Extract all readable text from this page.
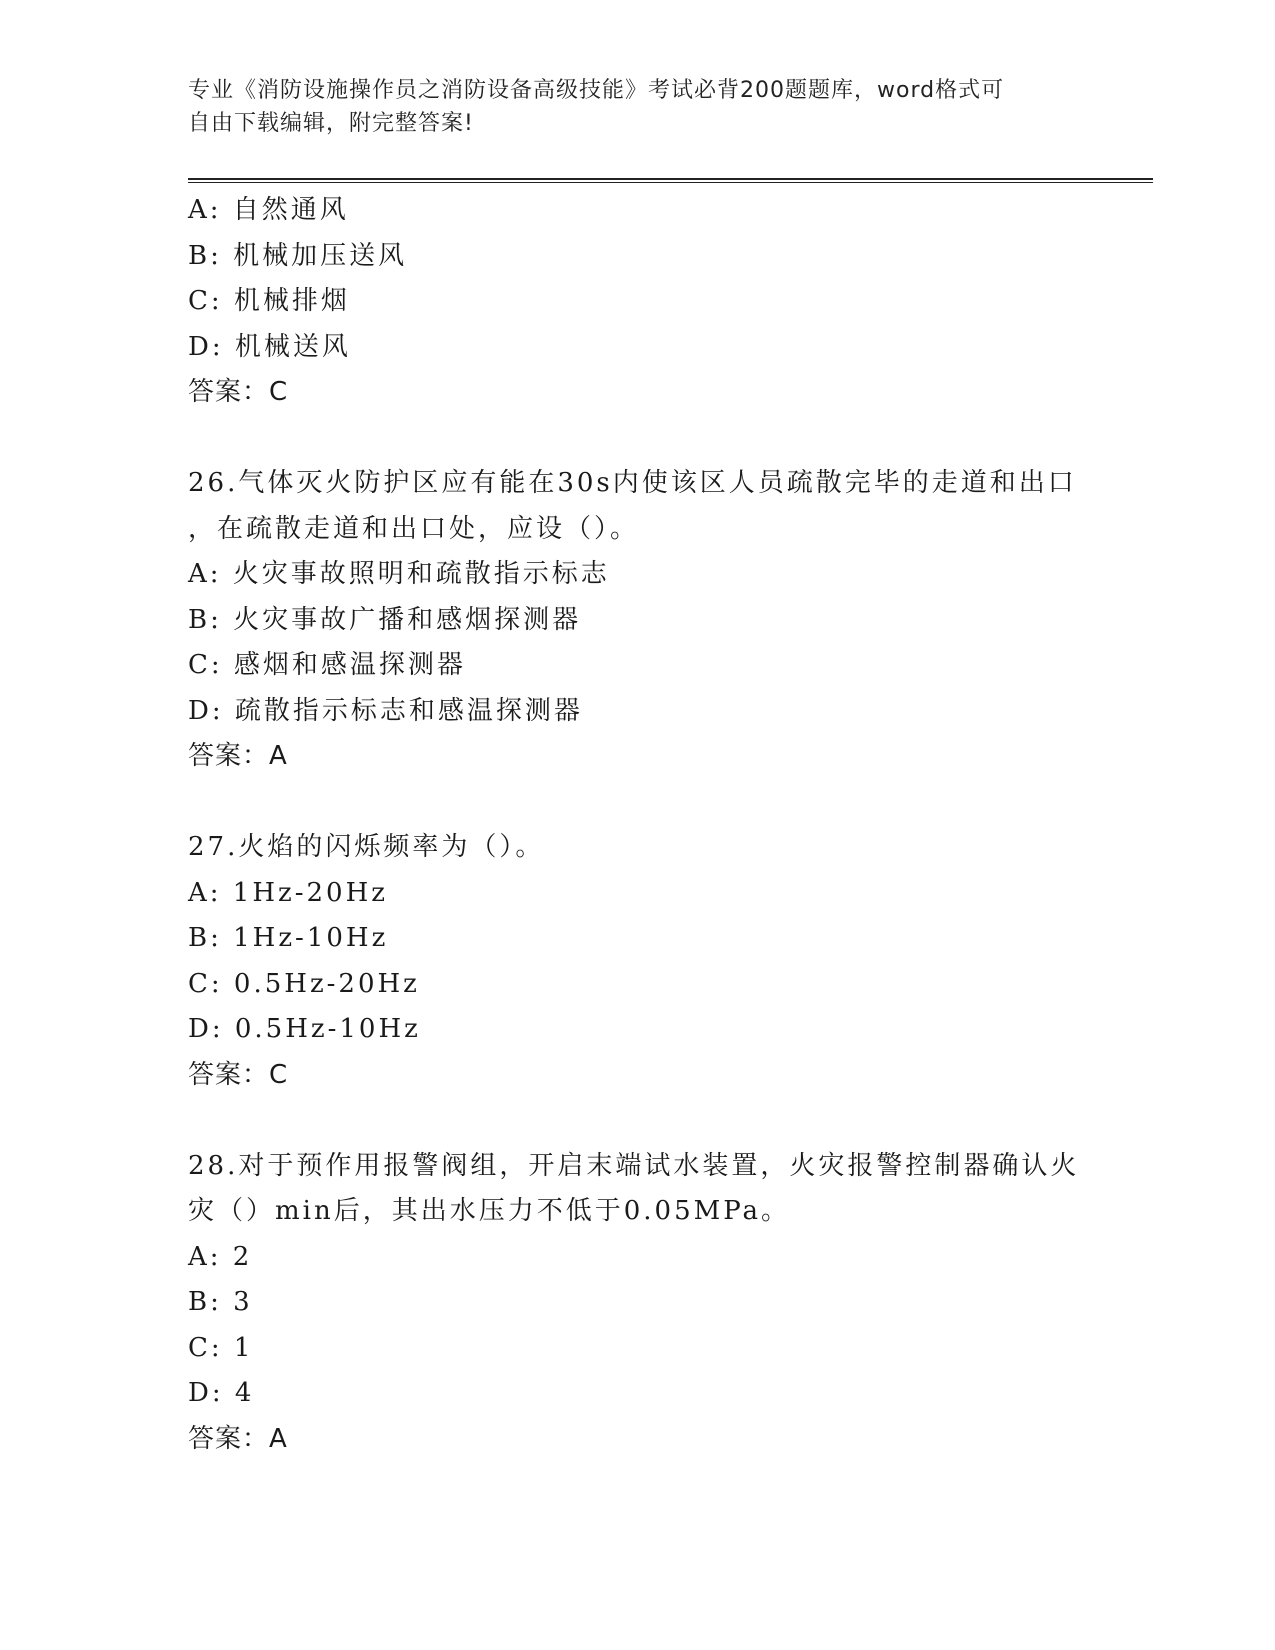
专业《消防设施操作员之消防设备高级技能》考试必背200题题库，word格式可
自由下载编辑，附完整答案!
A: 自然通风
B: 机械加压送风
C: 机械排烟
D: 机械送风
答案：C
26.气体灭火防护区应有能在30s内使该区人员疏散完毕的走道和出口
，在疏散走道和出口处，应设（）。
A: 火灾事故照明和疏散指示标志
B: 火灾事故广播和感烟探测器
C: 感烟和感温探测器
D: 疏散指示标志和感温探测器
答案：A
27.火焰的闪烁频率为（）。
A: 1Hz-20Hz
B: 1Hz-10Hz
C: 0.5Hz-20Hz
D: 0.5Hz-10Hz
答案：C
28.对于预作用报警阀组，开启末端试水装置，火灾报警控制器确认火
灾（）min后，其出水压力不低于0.05MPa。
A: 2
B: 3
C: 1
D: 4
答案：A
